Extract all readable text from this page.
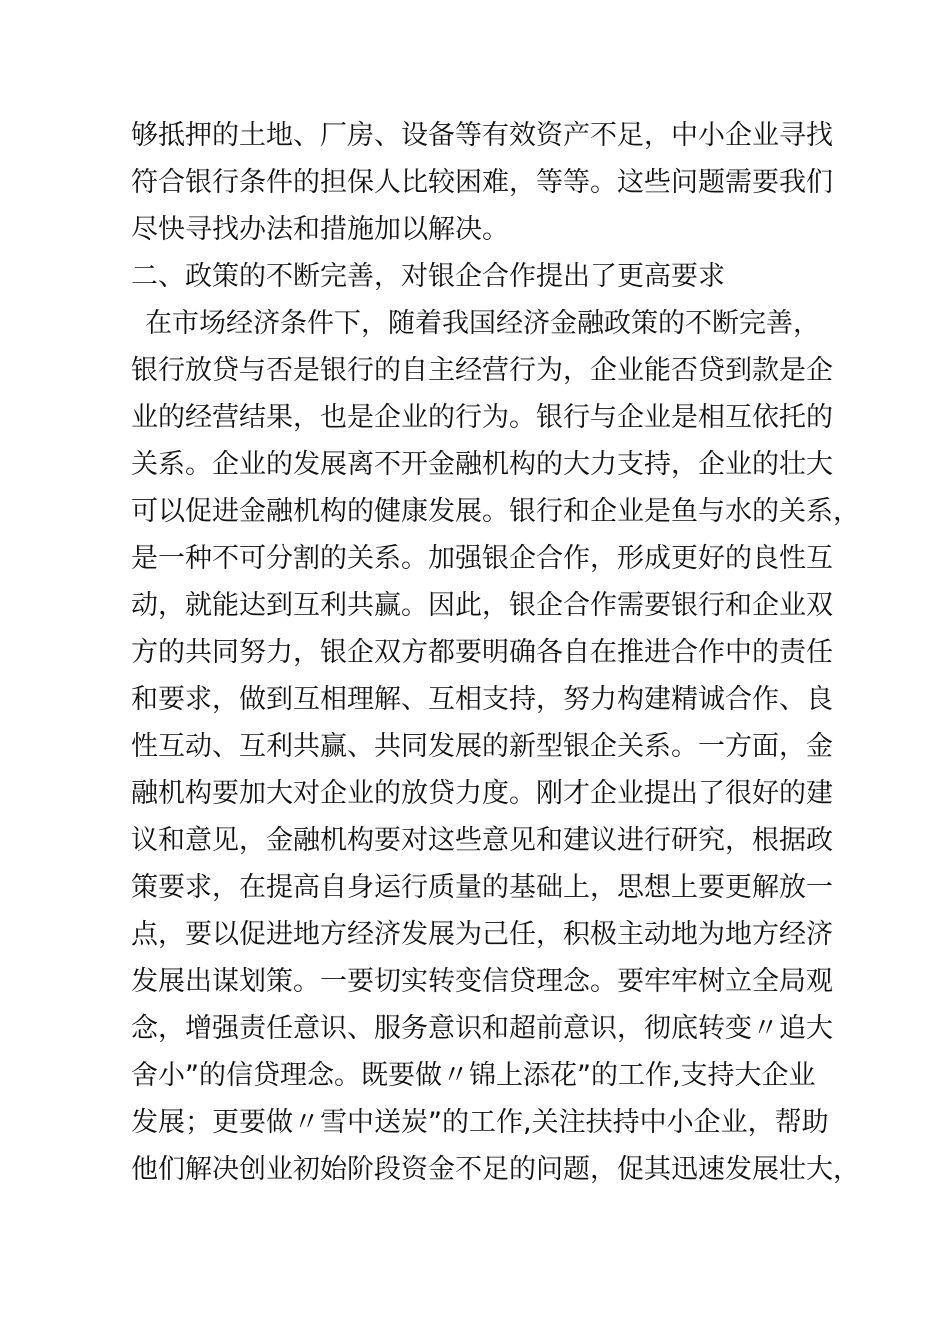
够抵押的土地、厂房、设备等有效资产不足，中小企业寻找
符合银行条件的担保人比较困难，等等。这些问题需要我们
尽快寻找办法和措施加以解决。
二、政策的不断完善，对银企合作提出了更高要求
在市场经济条件下，随着我国经济金融政策的不断完善，
银行放贷与否是银行的自主经营行为，企业能否贷到款是企
业的经营结果，也是企业的行为。银行与企业是相互依托的
关系。企业的发展离不开金融机构的大力支持，企业的壮大
可以促进金融机构的健康发展。银行和企业是鱼与水的关系，
是一种不可分割的关系。加强银企合作，形成更好的良性互
动，就能达到互利共赢。因此，银企合作需要银行和企业双
方的共同努力，银企双方都要明确各自在推进合作中的责任
和要求，做到互相理解、互相支持，努力构建精诚合作、良
性互动、互利共赢、共同发展的新型银企关系。一方面，金
融机构要加大对企业的放贷力度。刚才企业提出了很好的建
议和意见，金融机构要对这些意见和建议进行研究，根据政
策要求，在提高自身运行质量的基础上，思想上要更解放一
点，要以促进地方经济发展为己任，积极主动地为地方经济
发展出谋划策。一要切实转变信贷理念。要牢牢树立全局观
念，增强责任意识、服务意识和超前意识，彻底转变〃追大
舍小”的信贷理念。既要做〃锦上添花”的工作,支持大企业
发展；更要做〃雪中送炭”的工作,关注扶持中小企业，帮助
他们解决创业初始阶段资金不足的问题，促其迅速发展壮大，
